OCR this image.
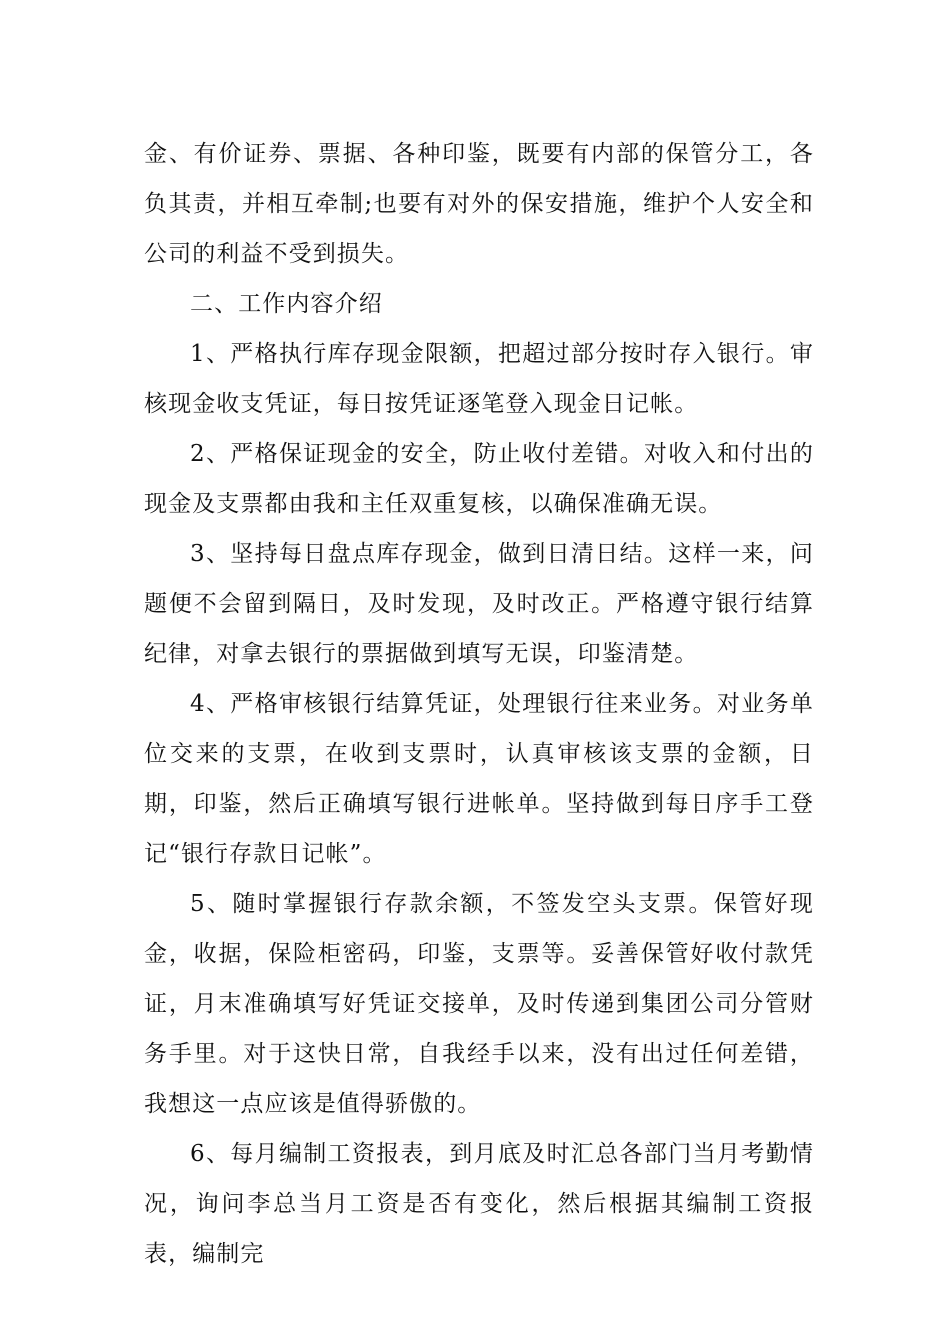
金、有价证券、票据、各种印鉴，既要有内部的保管分工，各负其责，并相互牵制;也要有对外的保安措施，维护个人安全和公司的利益不受到损失。

二、工作内容介绍

1、严格执行库存现金限额，把超过部分按时存入银行。审核现金收支凭证，每日按凭证逐笔登入现金日记帐。

2、严格保证现金的安全，防止收付差错。对收入和付出的现金及支票都由我和主任双重复核，以确保准确无误。

3、坚持每日盘点库存现金，做到日清日结。这样一来，问题便不会留到隔日，及时发现，及时改正。严格遵守银行结算纪律，对拿去银行的票据做到填写无误，印鉴清楚。

4、严格审核银行结算凭证，处理银行往来业务。对业务单位交来的支票，在收到支票时，认真审核该支票的金额，日期，印鉴，然后正确填写银行进帐单。坚持做到每日序手工登记“银行存款日记帐”。

5、随时掌握银行存款余额，不签发空头支票。保管好现金，收据，保险柜密码，印鉴，支票等。妥善保管好收付款凭证，月末准确填写好凭证交接单，及时传递到集团公司分管财务手里。对于这快日常，自我经手以来，没有出过任何差错，我想这一点应该是值得骄傲的。

6、每月编制工资报表，到月底及时汇总各部门当月考勤情况，询问李总当月工资是否有变化，然后根据其编制工资报表，编制完
